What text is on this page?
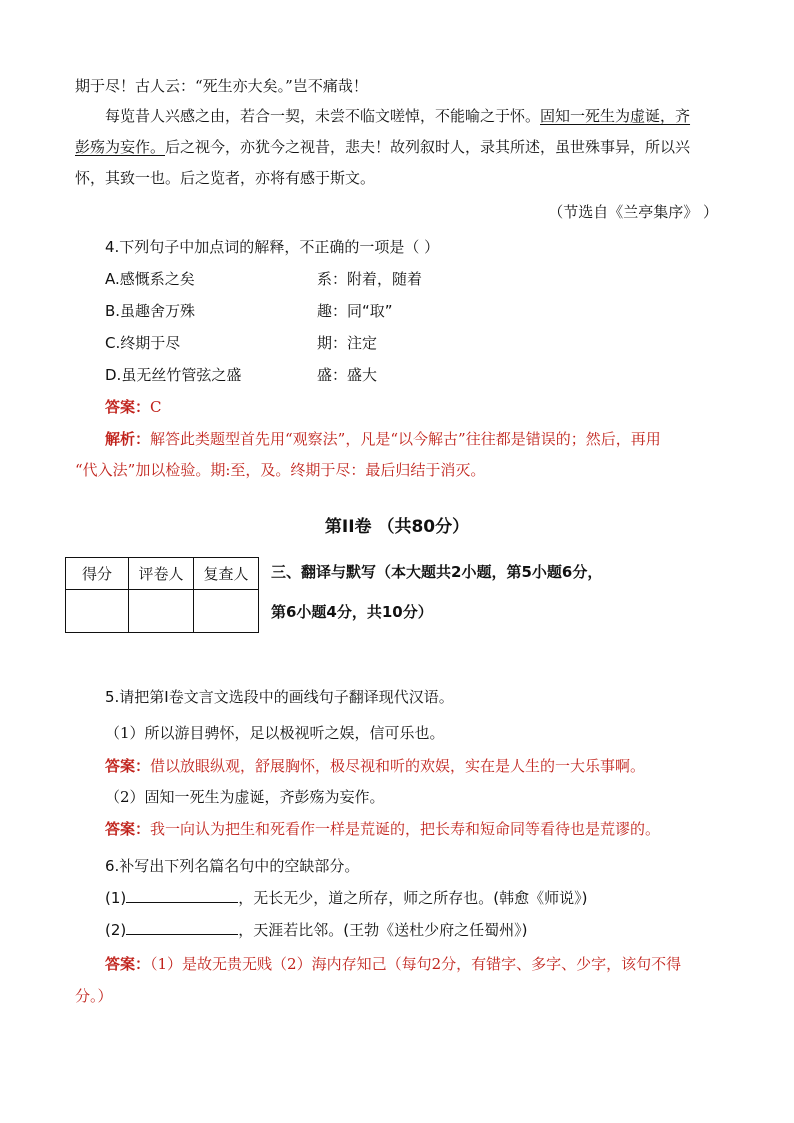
期于尽！古人云：“死生亦大矣。”岂不痛哉！
每览昔人兴感之由，若合一契，未尝不临文嗟悼，不能喻之于怀。固知一死生为虚诞，齐
彭殇为妄作。后之视今，亦犹今之视昔，悲夫！故列叙时人，录其所述，虽世殊事异，所以兴
怀，其致一也。后之览者，亦将有感于斯文。
（节选自《兰亭集序》 ）
4.下列句子中加点词的解释，不正确的一项是（ ）
A.感慨系之矣	系：附着，随着
B.虽趣舍万殊	趣：同“取”
C.终期于尽	期：注定
D.虽无丝竹管弦之盛	盛：盛大
答案：C
解析：解答此类题型首先用“观察法”，凡是“以今解古”往往都是错误的；然后，再用
“代入法”加以检验。期:至，及。终期于尽：最后归结于消灭。
第II卷 （共80分）
得分	评卷人	复查人
		三、翻译与默写（本大题共2小题，第5小题6分，
第6小题4分，共10分）
5.请把第I卷文言文选段中的画线句子翻译现代汉语。
（1）所以游目骋怀，足以极视听之娱，信可乐也。
答案：借以放眼纵观，舒展胸怀，极尽视和听的欢娱，实在是人生的一大乐事啊。
（2）固知一死生为虚诞，齐彭殇为妄作。
答案：我一向认为把生和死看作一样是荒诞的，把长寿和短命同等看待也是荒谬的。
6.补写出下列名篇名句中的空缺部分。
(1)	，无长无少，道之所存，师之所存也。(韩愈《师说》)
(2)	，天涯若比邻。(王勃《送杜少府之任蜀州》)
答案：（1）是故无贵无贱（2）海内存知己（每句2分，有错字、多字、少字，该句不得
分。）
